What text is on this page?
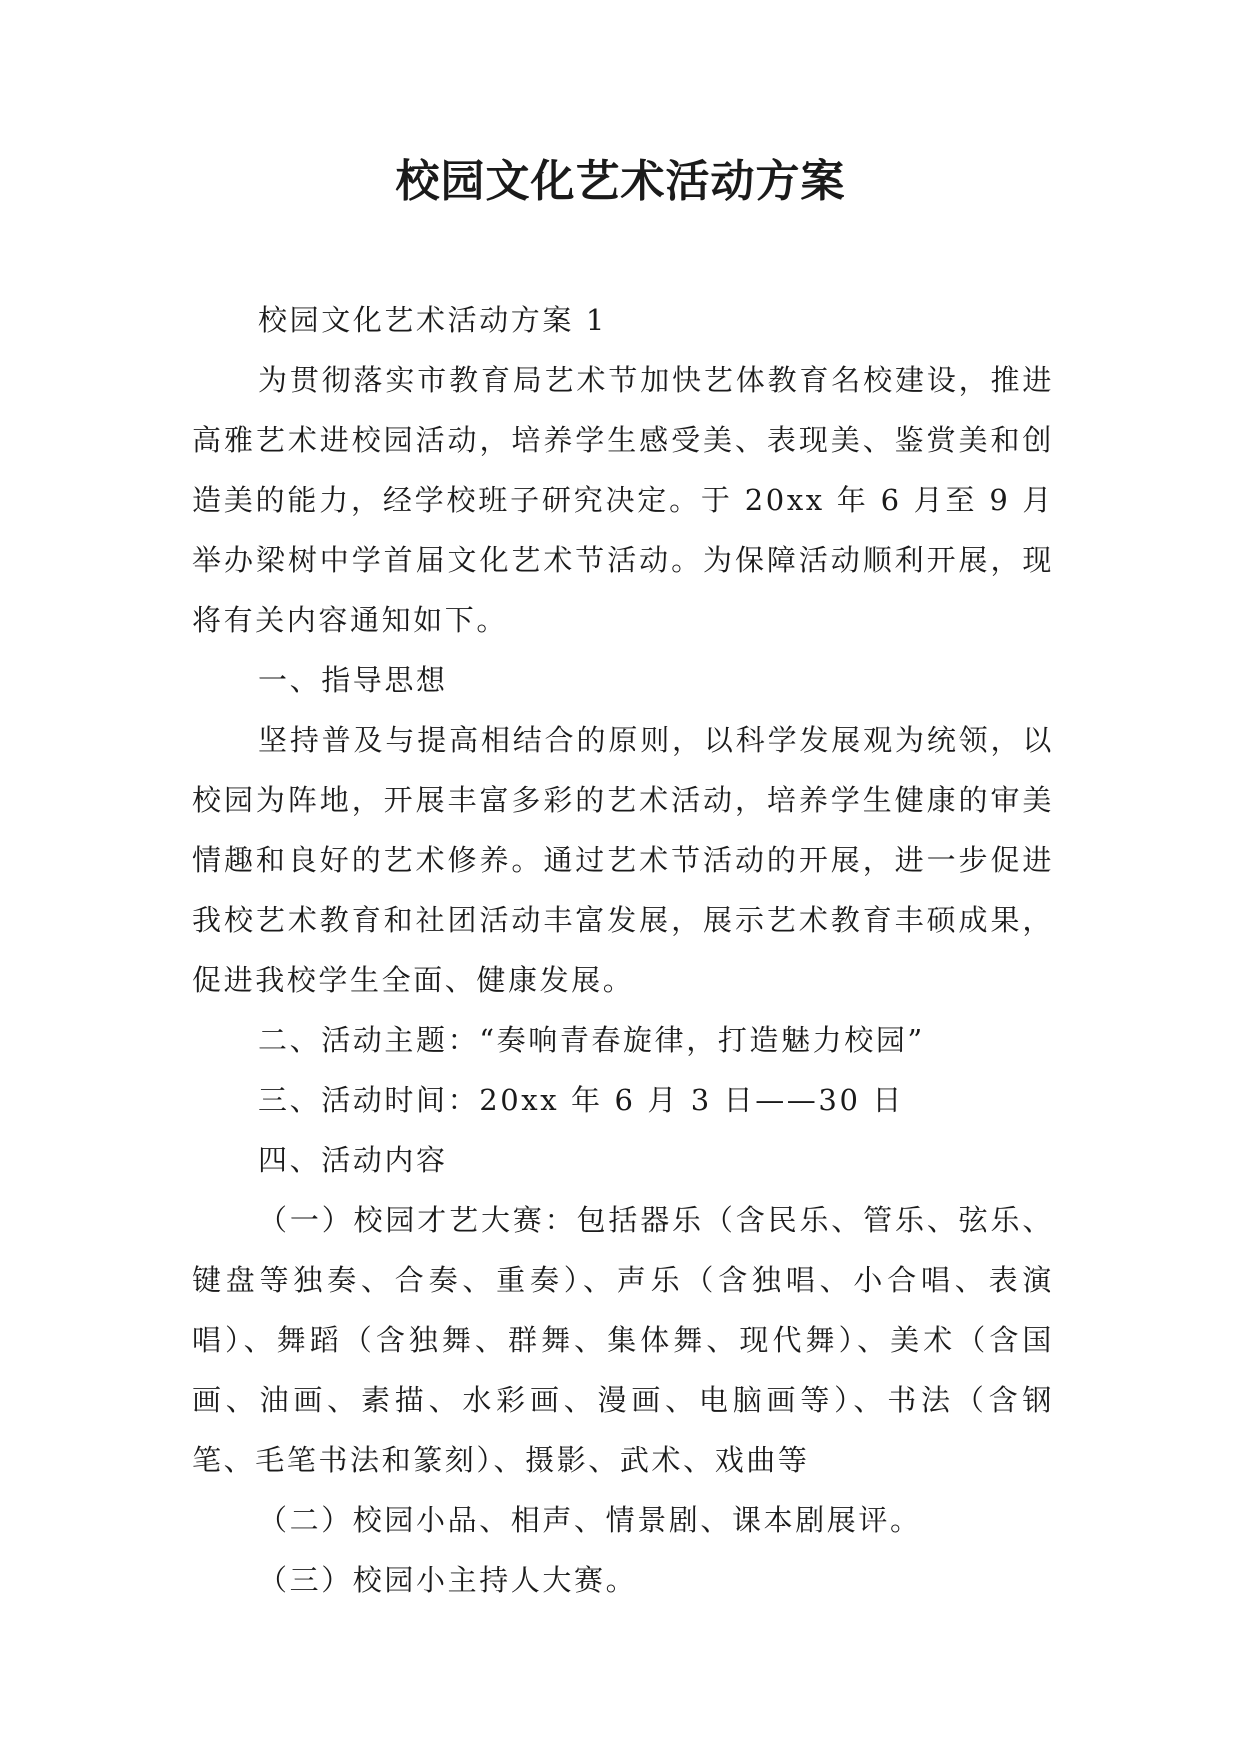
校园文化艺术活动方案

校园文化艺术活动方案 1

为贯彻落实市教育局艺术节加快艺体教育名校建设，推进高雅艺术进校园活动，培养学生感受美、表现美、鉴赏美和创造美的能力，经学校班子研究决定。于 20xx 年 6 月至 9 月举办梁树中学首届文化艺术节活动。为保障活动顺利开展，现将有关内容通知如下。

一、指导思想

坚持普及与提高相结合的原则，以科学发展观为统领，以校园为阵地，开展丰富多彩的艺术活动，培养学生健康的审美情趣和良好的艺术修养。通过艺术节活动的开展，进一步促进我校艺术教育和社团活动丰富发展，展示艺术教育丰硕成果，促进我校学生全面、健康发展。

二、活动主题：“奏响青春旋律，打造魅力校园”

三、活动时间：20xx 年 6 月 3 日——30 日

四、活动内容

（一）校园才艺大赛：包括器乐（含民乐、管乐、弦乐、键盘等独奏、合奏、重奏）、声乐（含独唱、小合唱、表演唱）、舞蹈（含独舞、群舞、集体舞、现代舞）、美术（含国画、油画、素描、水彩画、漫画、电脑画等）、书法（含钢笔、毛笔书法和篆刻）、摄影、武术、戏曲等

（二）校园小品、相声、情景剧、课本剧展评。

（三）校园小主持人大赛。
